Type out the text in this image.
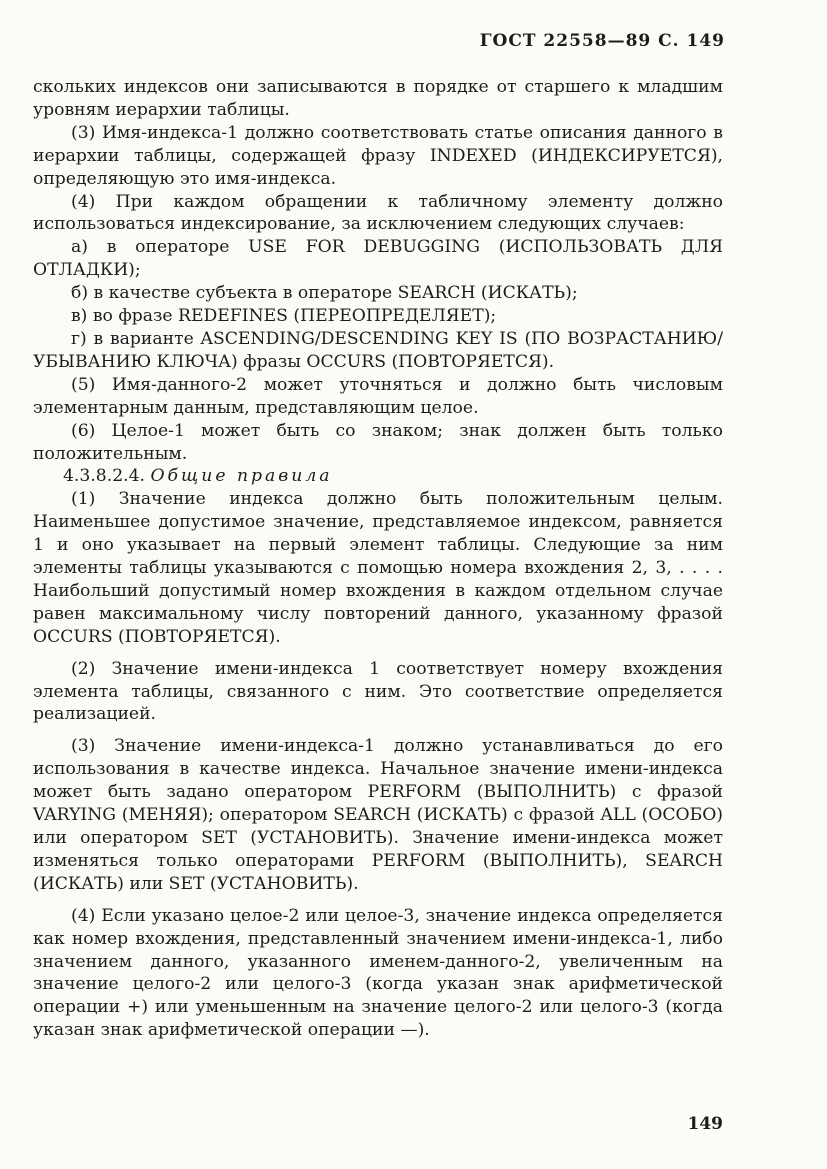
ГОСТ 22558—89 С. 149

скольких индексов они записываются в порядке от старшего к младшим уровням иерархии таблицы.

(3) Имя-индекса-1 должно соответствовать статье описания данного в иерархии таблицы, содержащей фразу INDEXED (ИНДЕКСИРУЕТСЯ), определяющую это имя-индекса.

(4) При каждом обращении к табличному элементу должно использоваться индексирование, за исключением следующих случаев:

а) в операторе USE FOR DEBUGGING (ИСПОЛЬЗОВАТЬ ДЛЯ ОТЛАДКИ);

б) в качестве субъекта в операторе SEARCH (ИСКАТЬ);

в) во фразе REDEFINES (ПЕРЕОПРЕДЕЛЯЕТ);

г) в варианте ASCENDING/DESCENDING KEY IS (ПО ВОЗРАСТАНИЮ/УБЫВАНИЮ КЛЮЧА) фразы OCCURS (ПОВТОРЯЕТСЯ).

(5) Имя-данного-2 может уточняться и должно быть числовым элементарным данным, представляющим целое.

(6) Целое-1 может быть со знаком; знак должен быть только положительным.

4.3.8.2.4. Общие правила

(1) Значение индекса должно быть положительным целым. Наименьшее допустимое значение, представляемое индексом, равняется 1 и оно указывает на первый элемент таблицы. Следующие за ним элементы таблицы указываются с помощью номера вхождения 2, 3, . . . . Наибольший допустимый номер вхождения в каждом отдельном случае равен максимальному числу повторений данного, указанному фразой OCCURS (ПОВТОРЯЕТСЯ).

(2) Значение имени-индекса 1 соответствует номеру вхождения элемента таблицы, связанного с ним. Это соответствие определяется реализацией.

(3) Значение имени-индекса-1 должно устанавливаться до его использования в качестве индекса. Начальное значение имени-индекса может быть задано оператором PERFORM (ВЫПОЛНИТЬ) с фразой VARYING (МЕНЯЯ); оператором SEARCH (ИСКАТЬ) с фразой ALL (ОСОБО) или оператором SET (УСТАНОВИТЬ). Значение имени-индекса может изменяться только операторами PERFORM (ВЫПОЛНИТЬ), SEARCH (ИСКАТЬ) или SET (УСТАНОВИТЬ).

(4) Если указано целое-2 или целое-3, значение индекса определяется как номер вхождения, представленный значением имени-индекса-1, либо значением данного, указанного именем-данного-2, увеличенным на значение целого-2 или целого-3 (когда указан знак арифметической операции +) или уменьшенным на значение целого-2 или целого-3 (когда указан знак арифметической операции —).

149
